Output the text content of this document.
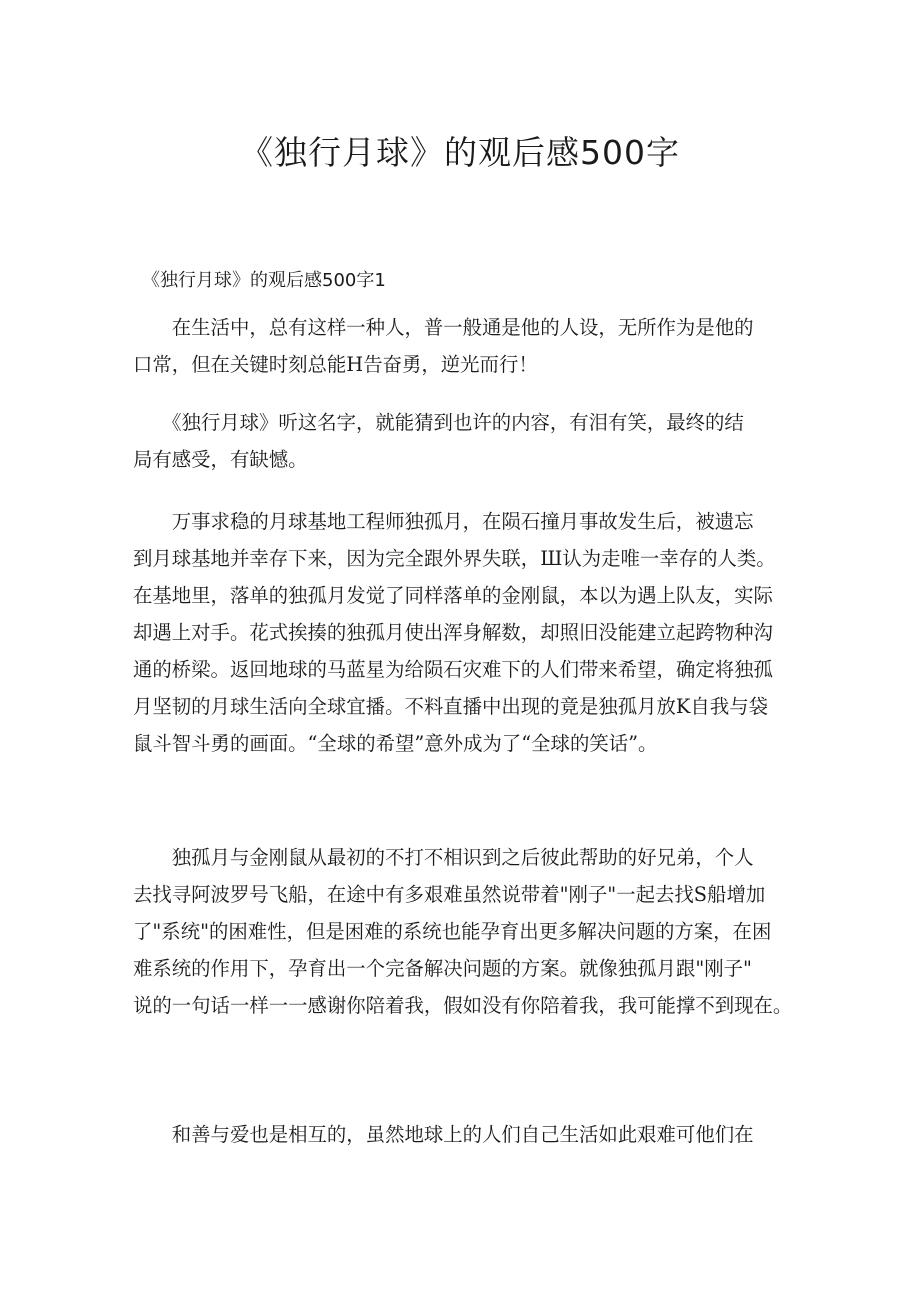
《独行月球》的观后感500字
《独行月球》的观后感500字1

　　在生活中，总有这样一种人，普一般通是他的人设，无所作为是他的
口常，但在关键时刻总能H告奋勇，逆光而行！

　　《独行月球》听这名字，就能猜到也许的内容，有泪有笑，最终的结
局有感受，有缺憾。

　　万事求稳的月球基地工程师独孤月，在陨石撞月事故发生后，被遗忘
到月球基地并幸存下来，因为完全跟外界失联，Ш认为走唯一幸存的人类。
在基地里，落单的独孤月发觉了同样落单的金刚鼠，本以为遇上队友，实际
却遇上对手。花式挨揍的独孤月使出浑身解数，却照旧没能建立起跨物种沟
通的桥梁。返回地球的马蓝星为给陨石灾难下的人们带来希望，确定将独孤
月坚韧的月球生活向全球宜播。不料直播中出现的竟是独孤月放K自我与袋
鼠斗智斗勇的画面。“全球的希望”意外成为了“全球的笑话”。

　　独孤月与金刚鼠从最初的不打不相识到之后彼此帮助的好兄弟，个人
去找寻阿波罗号飞船，在途中有多艰难虽然说带着"刚子"一起去找S船增加
了"系统"的困难性，但是困难的系统也能孕育出更多解决问题的方案，在困
难系统的作用下，孕育出一个完备解决问题的方案。就像独孤月跟"刚子"
说的一句话一样一一感谢你陪着我，假如没有你陪着我，我可能撑不到现在。

　　和善与爱也是相互的，虽然地球上的人们自己生活如此艰难可他们在
